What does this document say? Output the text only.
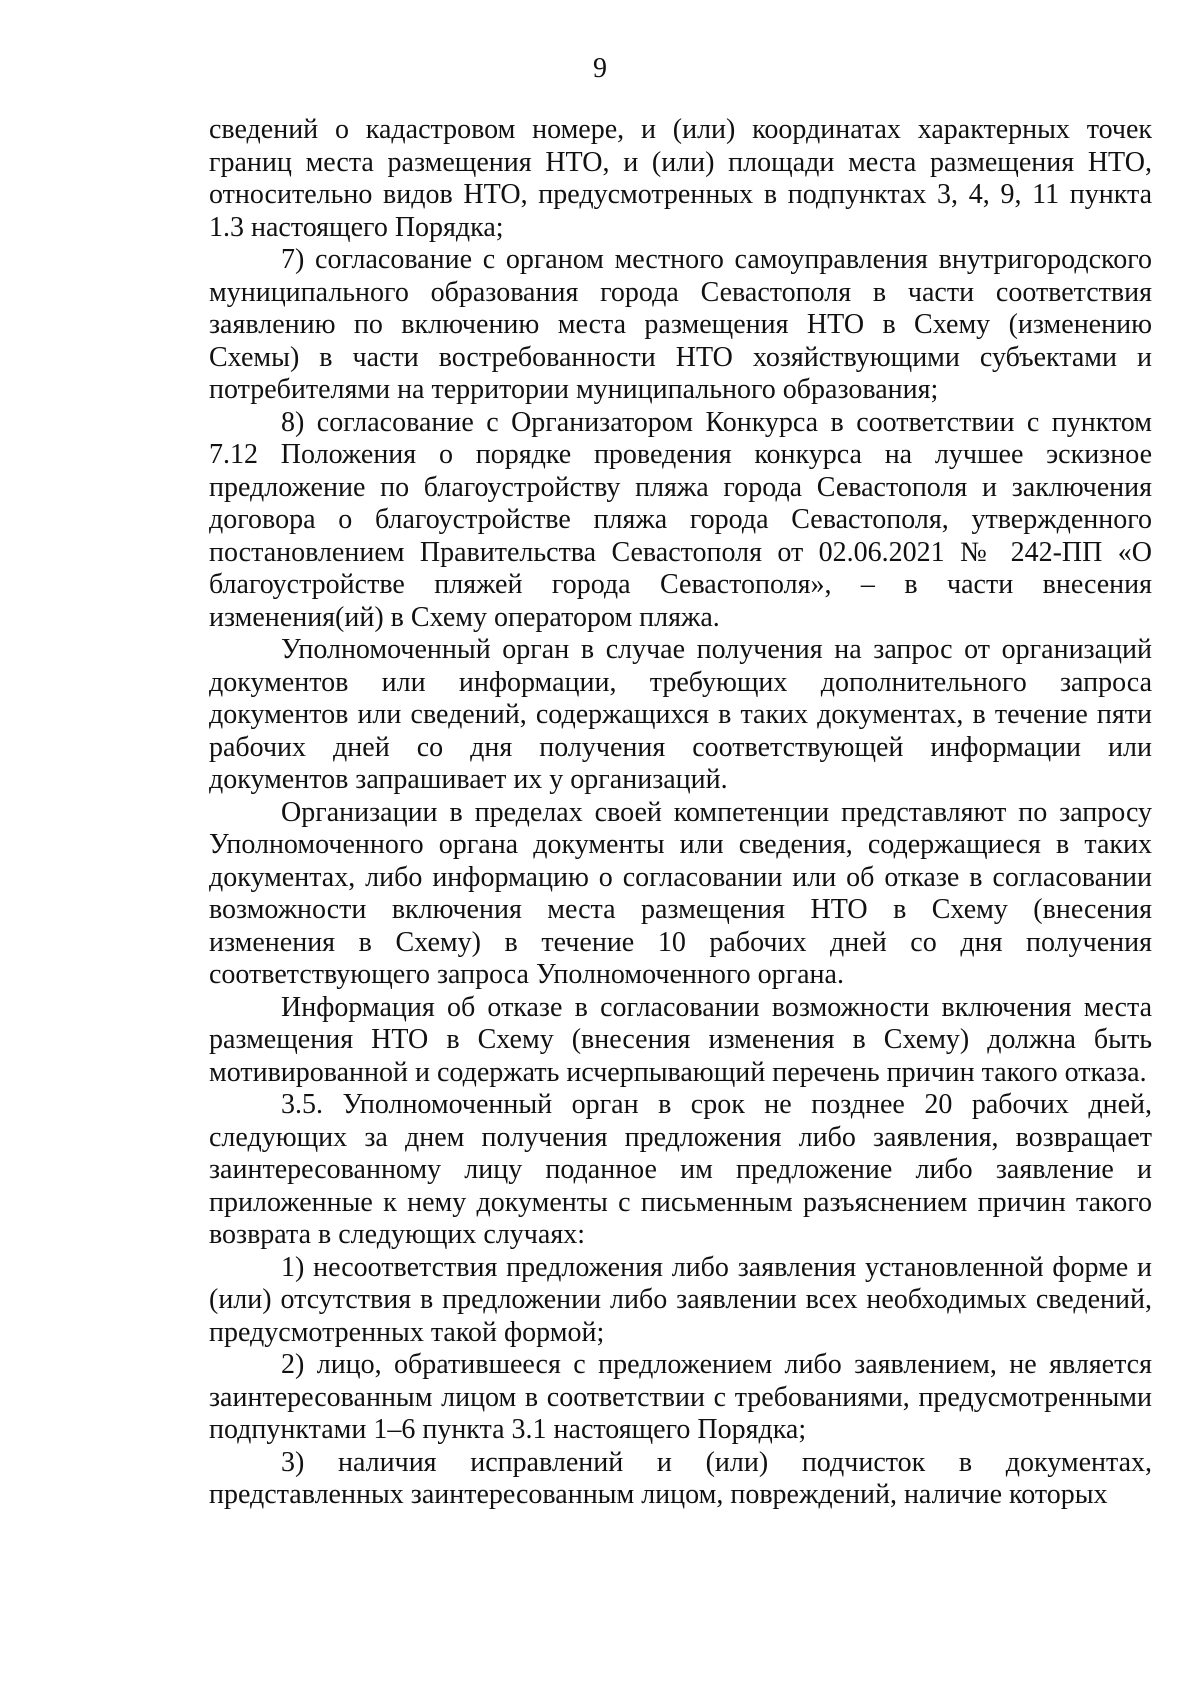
9

сведений о кадастровом номере, и (или) координатах характерных точек границ места размещения НТО, и (или) площади места размещения НТО, относительно видов НТО, предусмотренных в подпунктах 3, 4, 9, 11 пункта 1.3 настоящего Порядка;

7) согласование с органом местного самоуправления внутригородского муниципального образования города Севастополя в части соответствия заявлению по включению места размещения НТО в Схему (изменению Схемы) в части востребованности НТО хозяйствующими субъектами и потребителями на территории муниципального образования;

8) согласование с Организатором Конкурса в соответствии с пунктом 7.12 Положения о порядке проведения конкурса на лучшее эскизное предложение по благоустройству пляжа города Севастополя и заключения договора о благоустройстве пляжа города Севастополя, утвержденного постановлением Правительства Севастополя от 02.06.2021 № 242-ПП «О благоустройстве пляжей города Севастополя», – в части внесения изменения(ий) в Схему оператором пляжа.

Уполномоченный орган в случае получения на запрос от организаций документов или информации, требующих дополнительного запроса документов или сведений, содержащихся в таких документах, в течение пяти рабочих дней со дня получения соответствующей информации или документов запрашивает их у организаций.

Организации в пределах своей компетенции представляют по запросу Уполномоченного органа документы или сведения, содержащиеся в таких документах, либо информацию о согласовании или об отказе в согласовании возможности включения места размещения НТО в Схему (внесения изменения в Схему) в течение 10 рабочих дней со дня получения соответствующего запроса Уполномоченного органа.

Информация об отказе в согласовании возможности включения места размещения НТО в Схему (внесения изменения в Схему) должна быть мотивированной и содержать исчерпывающий перечень причин такого отказа.

3.5. Уполномоченный орган в срок не позднее 20 рабочих дней, следующих за днем получения предложения либо заявления, возвращает заинтересованному лицу поданное им предложение либо заявление и приложенные к нему документы с письменным разъяснением причин такого возврата в следующих случаях:

1) несоответствия предложения либо заявления установленной форме и (или) отсутствия в предложении либо заявлении всех необходимых сведений, предусмотренных такой формой;

2) лицо, обратившееся с предложением либо заявлением, не является заинтересованным лицом в соответствии с требованиями, предусмотренными подпунктами 1–6 пункта 3.1 настоящего Порядка;

3) наличия исправлений и (или) подчисток в документах, представленных заинтересованным лицом, повреждений, наличие которых
